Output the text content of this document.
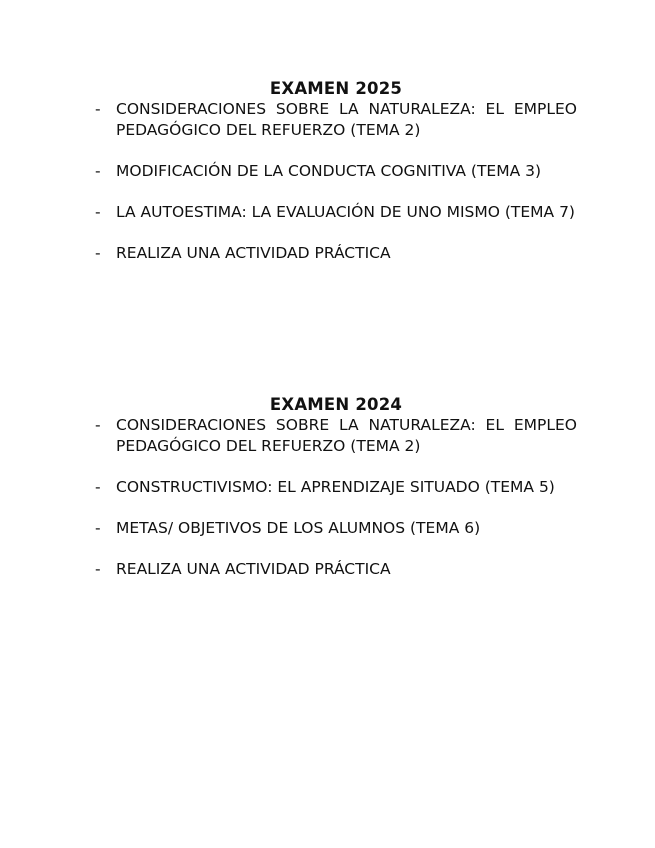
EXAMEN 2025
- CONSIDERACIONES SOBRE LA NATURALEZA: EL EMPLEO PEDAGÓGICO DEL REFUERZO (TEMA 2)
- MODIFICACIÓN DE LA CONDUCTA COGNITIVA (TEMA 3)
- LA AUTOESTIMA: LA EVALUACIÓN DE UNO MISMO (TEMA 7)
- REALIZA UNA ACTIVIDAD PRÁCTICA
EXAMEN 2024
- CONSIDERACIONES SOBRE LA NATURALEZA: EL EMPLEO PEDAGÓGICO DEL REFUERZO (TEMA 2)
- CONSTRUCTIVISMO: EL APRENDIZAJE SITUADO (TEMA 5)
- METAS/ OBJETIVOS DE LOS ALUMNOS (TEMA 6)
- REALIZA UNA ACTIVIDAD PRÁCTICA
